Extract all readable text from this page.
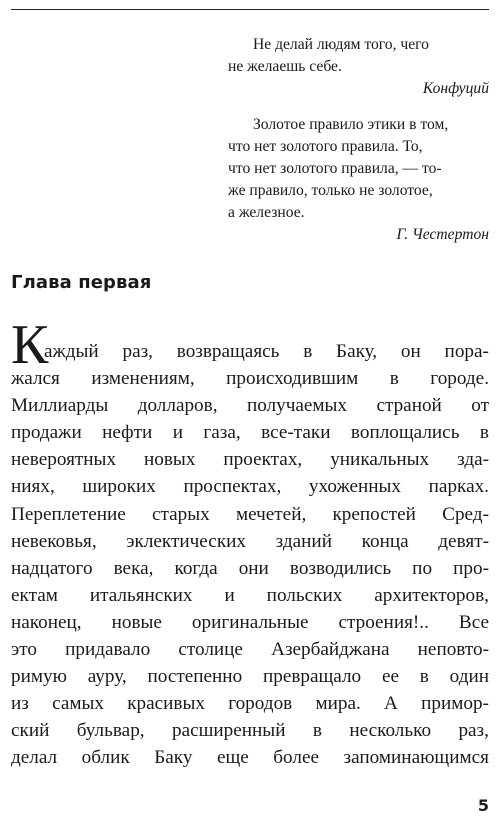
Не делай людям того, чего
не желаешь себе.
Конфуций
Золотое правило этики в том,
что нет золотого правила. То,
что нет золотого правила, — то-
же правило, только не золотое,
а железное.
Г. Честертон
Глава первая
К
аждый раз, возвращаясь в Баку, он пора-
жался изменениям, происходившим в городе.
Миллиарды долларов, получаемых страной от
продажи нефти и газа, все-таки воплощались в
невероятных новых проектах, уникальных зда-
ниях, широких проспектах, ухоженных парках.
Переплетение старых мечетей, крепостей Сред-
невековья, эклектических зданий конца девят-
надцатого века, когда они возводились по про-
ектам итальянских и польских архитекторов,
наконец, новые оригинальные строения!.. Все
это придавало столице Азербайджана неповто-
римую ауру, постепенно превращало ее в один
из самых красивых городов мира. А примор-
ский бульвар, расширенный в несколько раз,
делал облик Баку еще более запоминающимся
5
